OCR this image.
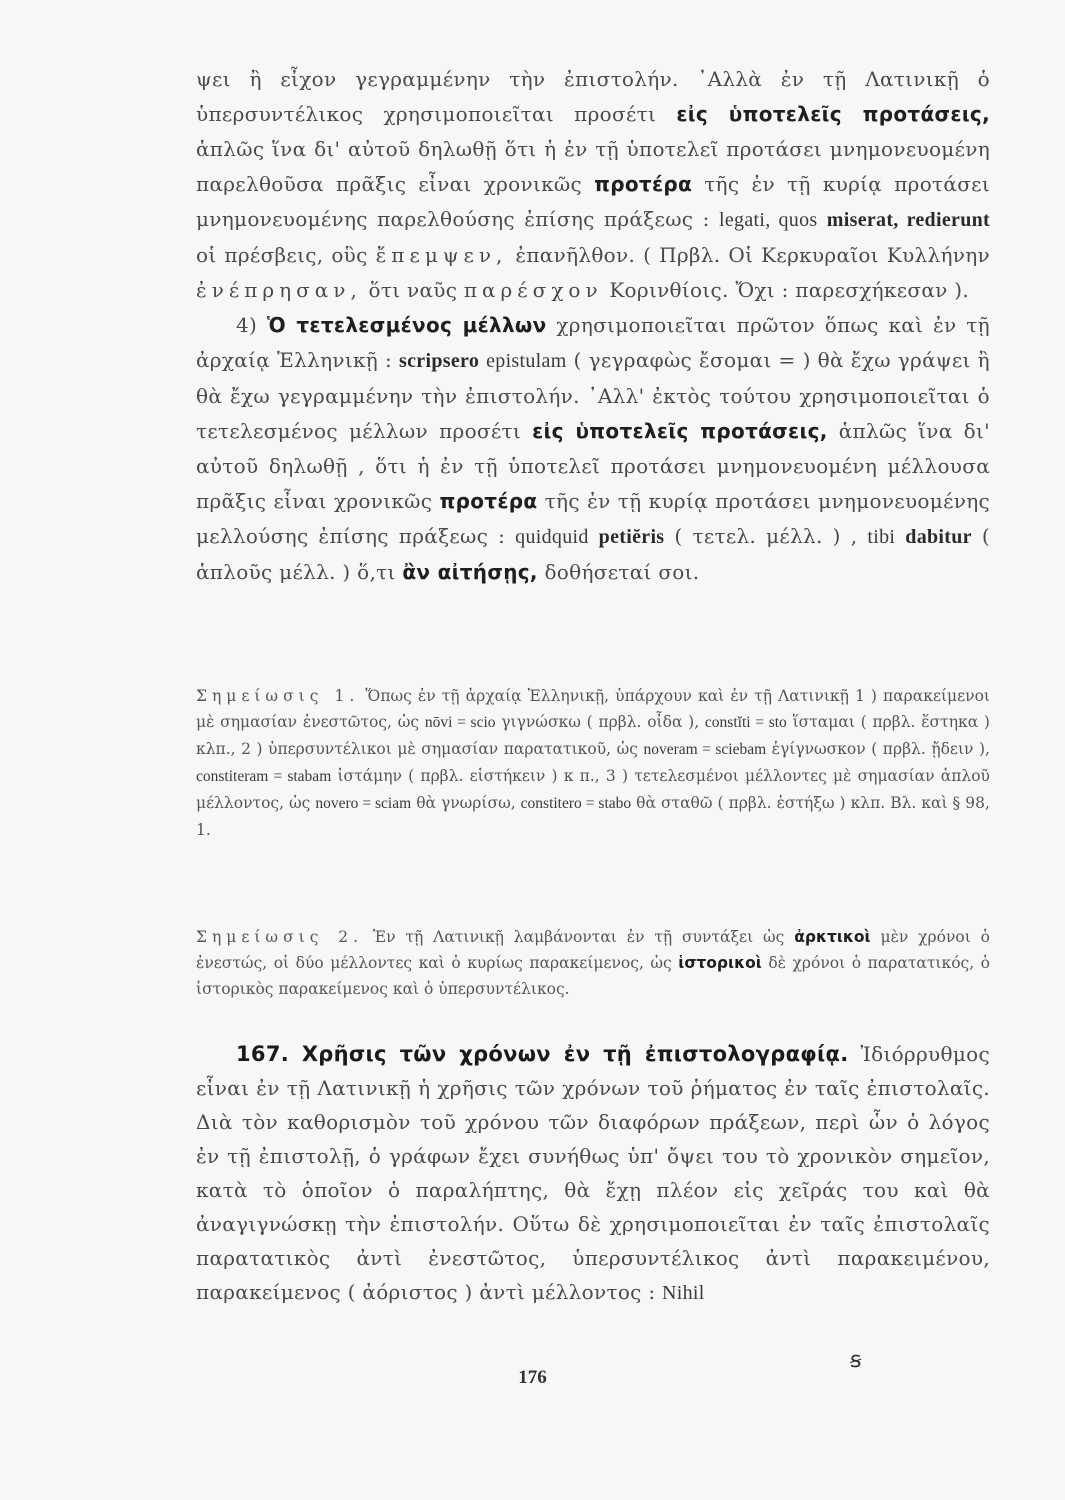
ψει ἢ εἶχον γεγραμμένην τὴν ἐπιστολήν. ᾿Αλλὰ ἐν τῇ Λατινικῇ ὁ ὑπερσυντέλικος χρησιμοποιεῖται προσέτι εἰς ὑποτελεῖς προτάσεις, ἁπλῶς ἵνα δι' αὐτοῦ δηλωθῇ ὅτι ἡ ἐν τῇ ὑποτελεῖ προτάσει μνημονευομένη παρελθοῦσα πρᾶξις εἶναι χρονικῶς προτέρα τῆς ἐν τῇ κυρίᾳ προτάσει μνημονευομένης παρελθούσης ἐπίσης πράξεως : legati, quos miserat, redierunt οἱ πρέσβεις, οὓς ἔπεμψεν, ἐπανῆλθον. ( Πρβλ. Οἱ Κερκυραῖοι Κυλλήνην ἐνέπρησαν, ὅτι ναῦς παρέσχον Κορινθίοις. Ὄχι : παρεσχήκεσαν ).

4) Ὁ τετελεσμένος μέλλων χρησιμοποιεῖται πρῶτον ὅπως καὶ ἐν τῇ ἀρχαίᾳ Ἑλληνικῇ : scripsero epistulam ( γεγραφὼς ἔσομαι = ) θὰ ἔχω γράψει ἢ θὰ ἔχω γεγραμμένην τὴν ἐπιστολήν. ᾿Αλλ' ἐκτὸς τούτου χρησιμοποιεῖται ὁ τετελεσμένος μέλλων προσέτι εἰς ὑποτελεῖς προτάσεις, ἁπλῶς ἵνα δι' αὐτοῦ δηλωθῇ , ὅτι ἡ ἐν τῇ ὑποτελεῖ προτάσει μνημονευομένη μέλλουσα πρᾶξις εἶναι χρονικῶς προτέρα τῆς ἐν τῇ κυρίᾳ προτάσει μνημονευομένης μελλούσης ἐπίσης πράξεως : quidquid petiĕris ( τετελ. μέλλ. ) , tibi dabitur ( ἁπλοῦς μέλλ. ) ὅ,τι ἂν αἰτήσῃς, δοθήσεταί σοι.

Σημείωσις 1. Ὅπως ἐν τῇ ἀρχαίᾳ Ἑλληνικῇ, ὑπάρχουν καὶ ἐν τῇ Λατινικῇ 1 ) παρακείμενοι μὲ σημασίαν ἐνεστῶτος, ὡς nōvi = scio γιγνώσκω ( πρβλ. οἶδα ), constĭti = sto ἵσταμαι ( πρβλ. ἕστηκα ) κλπ., 2 ) ὑπερσυντέλικοι μὲ σημασίαν παρατατικοῦ, ὡς noveram = sciebam ἐγίγνωσκον ( πρβλ. ᾔδειν ), constiteram = stabam ἱστάμην ( πρβλ. εἱστήκειν ) κ π., 3 ) τετελεσμένοι μέλλοντες μὲ σημασίαν ἁπλοῦ μέλλοντος, ὡς novero = sciam θὰ γνωρίσω, constitero = stabo θὰ σταθῶ ( πρβλ. ἑστήξω ) κλπ. Βλ. καὶ § 98, 1.

Σημείωσις 2. Ἐν τῇ Λατινικῇ λαμβάνονται ἐν τῇ συντάξει ὡς ἀρκτικοὶ μὲν χρόνοι ὁ ἐνεστώς, οἱ δύο μέλλοντες καὶ ὁ κυρίως παρακείμενος, ὡς ἱστορικοὶ δὲ χρόνοι ὁ παρατατικός, ὁ ἱστορικὸς παρακείμενος καὶ ὁ ὑπερσυντέλικος.

167. Χρῆσις τῶν χρόνων ἐν τῇ ἐπιστολογραφίᾳ. Ἰδιόρρυθμος εἶναι ἐν τῇ Λατινικῇ ἡ χρῆσις τῶν χρόνων τοῦ ῥήματος ἐν ταῖς ἐπιστολαῖς. Διὰ τὸν καθορισμὸν τοῦ χρόνου τῶν διαφόρων πράξεων, περὶ ὧν ὁ λόγος ἐν τῇ ἐπιστολῇ, ὁ γράφων ἔχει συνήθως ὑπ' ὄψει του τὸ χρονικὸν σημεῖον, κατὰ τὸ ὁποῖον ὁ παραλήπτης, θὰ ἔχῃ πλέον εἰς χεῖράς του καὶ θὰ ἀναγιγνώσκῃ τὴν ἐπιστολήν. Οὕτω δὲ χρησιμοποιεῖται ἐν ταῖς ἐπιστολαῖς παρατατικὸς ἀντὶ ἐνεστῶτος, ὑπερσυντέλικος ἀντὶ παρακειμένου, παρακείμενος ( ἀόριστος ) ἀντὶ μέλλοντος : Nihil

ꞩ
176
